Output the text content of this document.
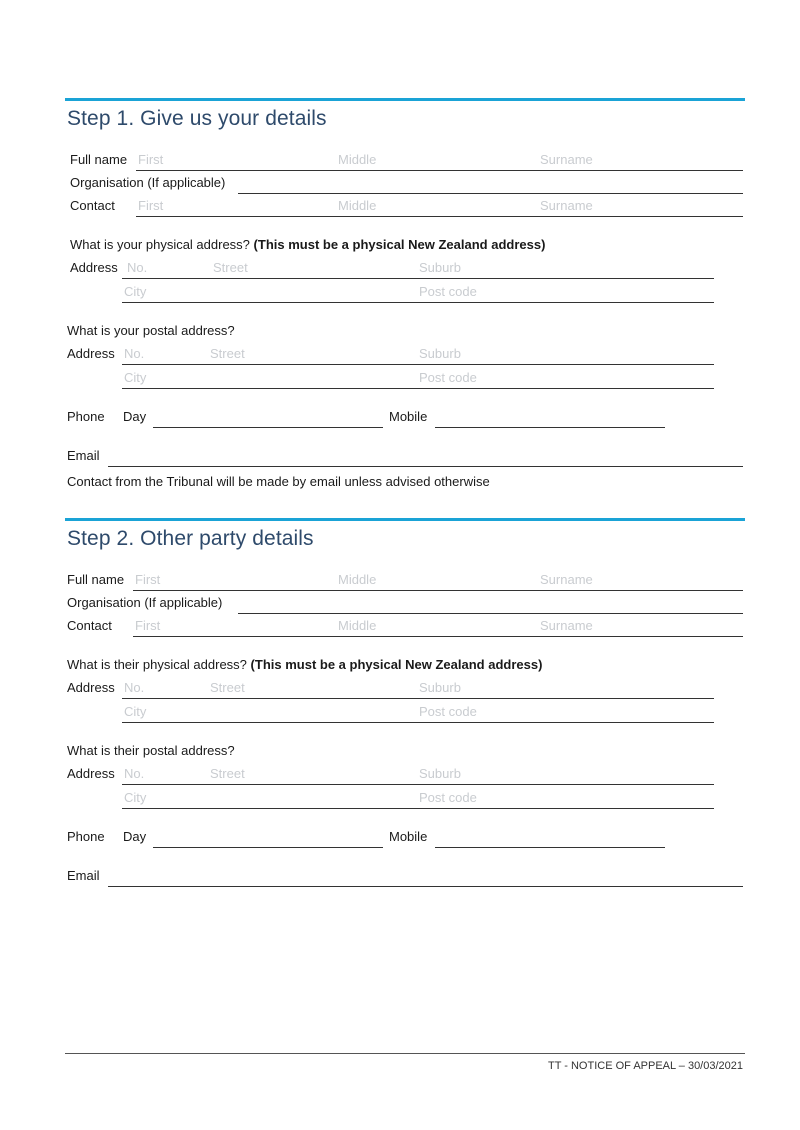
Step 1. Give us your details
Full name First	Middle	Surname
Organisation (If applicable)
Contact First	Middle	Surname
What is your physical address? (This must be a physical New Zealand address)
Address No.	Street	Suburb
City	Post code
What is your postal address?
Address No.	Street	Suburb
City	Post code
Phone Day	Mobile
Email
Contact from the Tribunal will be made by email unless advised otherwise
Step 2. Other party details
Full name First	Middle	Surname
Organisation (If applicable)
Contact First	Middle	Surname
What is their physical address? (This must be a physical New Zealand address)
Address No.	Street	Suburb
City	Post code
What is their postal address?
Address No.	Street	Suburb
City	Post code
Phone Day	Mobile
Email
TT - NOTICE OF APPEAL – 30/03/2021
